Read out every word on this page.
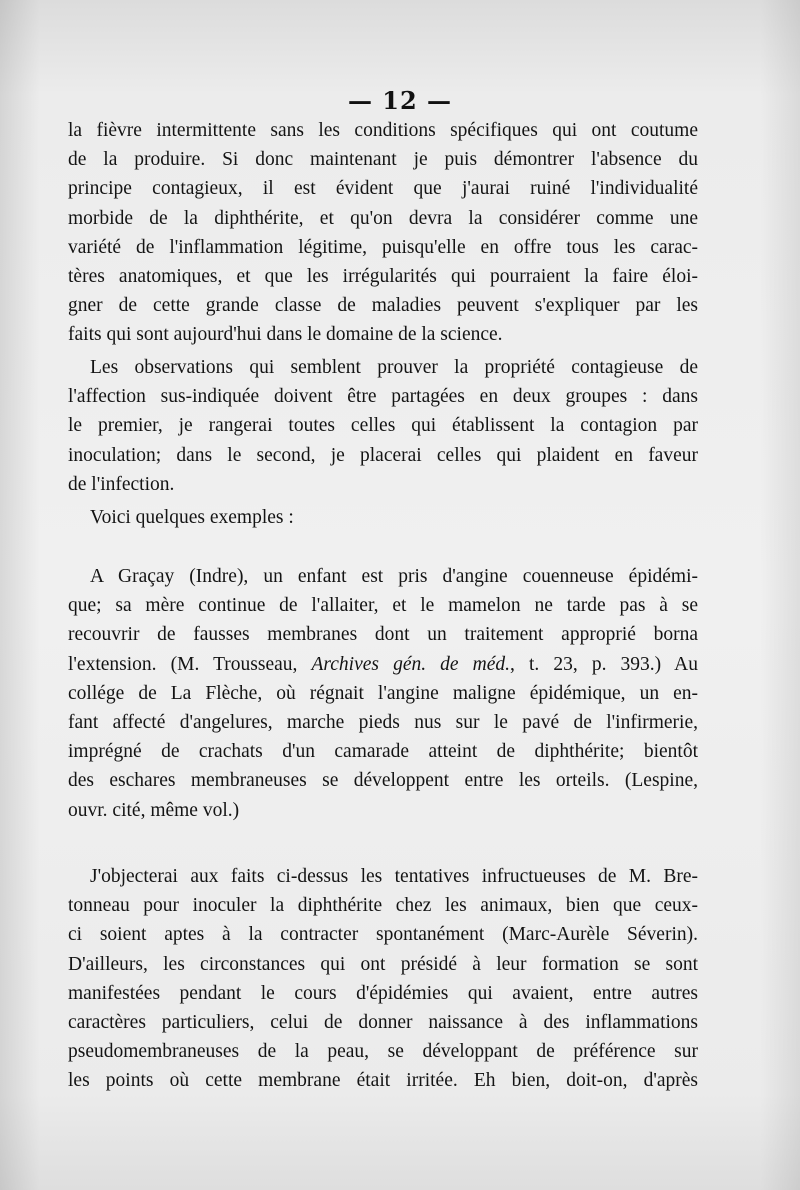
— 12 —
la fièvre intermittente sans les conditions spécifiques qui ont coutume
de la produire. Si donc maintenant je puis démontrer l'absence du
principe contagieux, il est évident que j'aurai ruiné l'individualité
morbide de la diphthérite, et qu'on devra la considérer comme une
variété de l'inflammation légitime, puisqu'elle en offre tous les carac-
tères anatomiques, et que les irrégularités qui pourraient la faire éloi-
gner de cette grande classe de maladies peuvent s'expliquer par les
faits qui sont aujourd'hui dans le domaine de la science.
Les observations qui semblent prouver la propriété contagieuse de
l'affection sus-indiquée doivent être partagées en deux groupes : dans
le premier, je rangerai toutes celles qui établissent la contagion par
inoculation; dans le second, je placerai celles qui plaident en faveur
de l'infection.
Voici quelques exemples :
A Graçay (Indre), un enfant est pris d'angine couenneuse épidémi-
que; sa mère continue de l'allaiter, et le mamelon ne tarde pas à se
recouvrir de fausses membranes dont un traitement approprié borna
l'extension. (M. Trousseau, Archives gén. de méd., t. 23, p. 393.) Au
collége de La Flèche, où régnait l'angine maligne épidémique, un en-
fant affecté d'angelures, marche pieds nus sur le pavé de l'infirmerie,
imprégné de crachats d'un camarade atteint de diphthérite; bientôt
des eschares membraneuses se développent entre les orteils. (Lespine,
ouvr. cité, même vol.)
J'objecterai aux faits ci-dessus les tentatives infructueuses de M. Bre-
tonneau pour inoculer la diphthérite chez les animaux, bien que ceux-
ci soient aptes à la contracter spontanément (Marc-Aurèle Séverin).
D'ailleurs, les circonstances qui ont présidé à leur formation se sont
manifestées pendant le cours d'épidémies qui avaient, entre autres
caractères particuliers, celui de donner naissance à des inflammations
pseudomembraneuses de la peau, se développant de préférence sur
les points où cette membrane était irritée. Eh bien, doit-on, d'après
